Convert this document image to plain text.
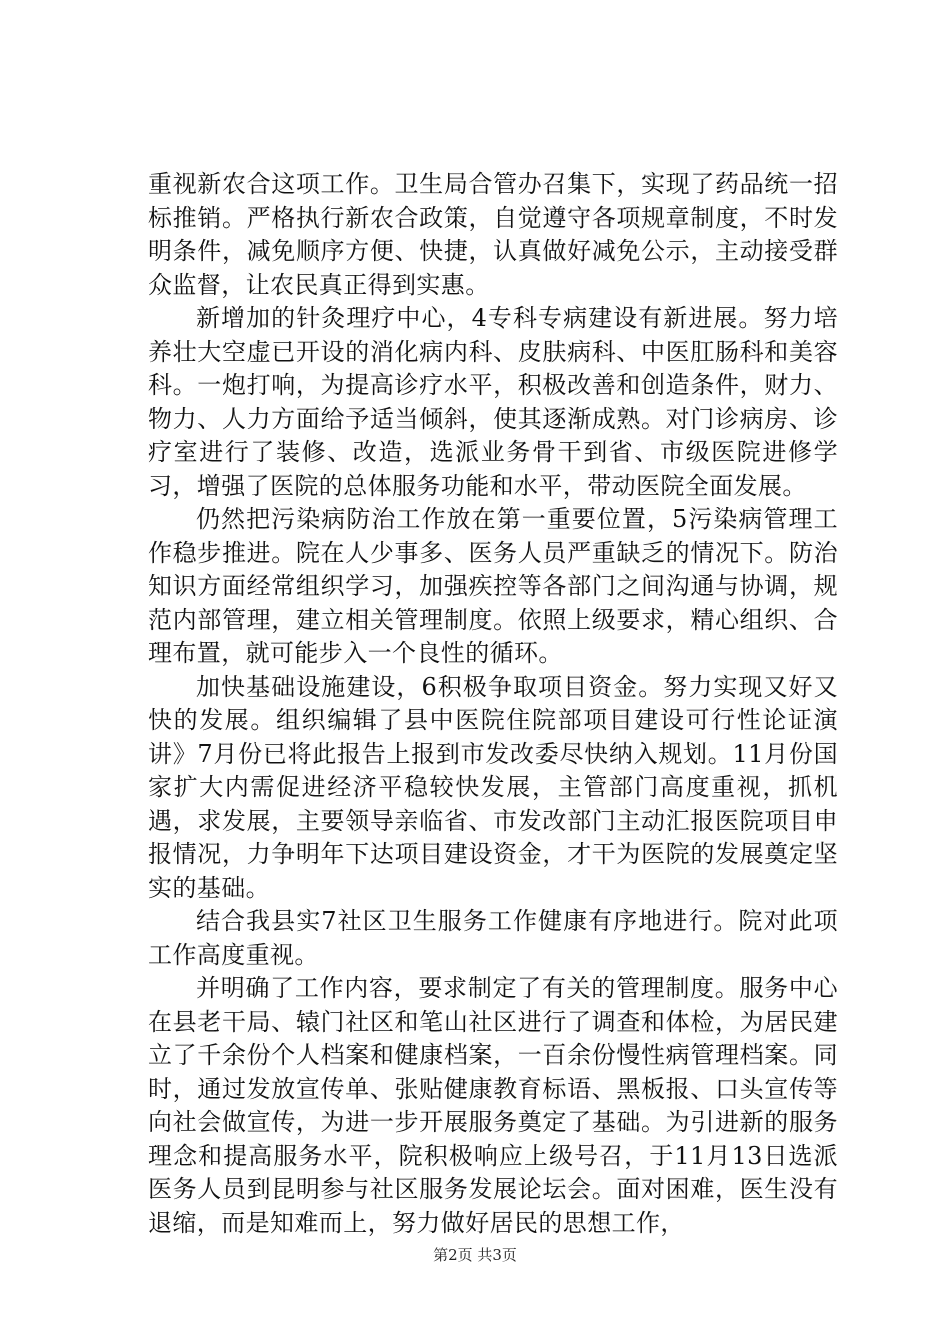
重视新农合这项工作。卫生局合管办召集下，实现了药品统一招标推销。严格执行新农合政策，自觉遵守各项规章制度，不时发明条件，减免顺序方便、快捷，认真做好减免公示，主动接受群众监督，让农民真正得到实惠。

新增加的针灸理疗中心，4专科专病建设有新进展。努力培养壮大空虚已开设的消化病内科、皮肤病科、中医肛肠科和美容科。一炮打响，为提高诊疗水平，积极改善和创造条件，财力、物力、人力方面给予适当倾斜，使其逐渐成熟。对门诊病房、诊疗室进行了装修、改造，选派业务骨干到省、市级医院进修学习，增强了医院的总体服务功能和水平，带动医院全面发展。

仍然把污染病防治工作放在第一重要位置，5污染病管理工作稳步推进。院在人少事多、医务人员严重缺乏的情况下。防治知识方面经常组织学习，加强疾控等各部门之间沟通与协调，规范内部管理，建立相关管理制度。依照上级要求，精心组织、合理布置，就可能步入一个良性的循环。

加快基础设施建设，6积极争取项目资金。努力实现又好又快的发展。组织编辑了县中医院住院部项目建设可行性论证演讲》7月份已将此报告上报到市发改委尽快纳入规划。11月份国家扩大内需促进经济平稳较快发展，主管部门高度重视，抓机遇，求发展，主要领导亲临省、市发改部门主动汇报医院项目申报情况，力争明年下达项目建设资金，才干为医院的发展奠定坚实的基础。

结合我县实7社区卫生服务工作健康有序地进行。院对此项工作高度重视。

并明确了工作内容，要求制定了有关的管理制度。服务中心在县老干局、辕门社区和笔山社区进行了调查和体检，为居民建立了千余份个人档案和健康档案，一百余份慢性病管理档案。同时，通过发放宣传单、张贴健康教育标语、黑板报、口头宣传等向社会做宣传，为进一步开展服务奠定了基础。为引进新的服务理念和提高服务水平，院积极响应上级号召，于11月13日选派医务人员到昆明参与社区服务发展论坛会。面对困难，医生没有退缩，而是知难而上，努力做好居民的思想工作，

第2页 共3页
